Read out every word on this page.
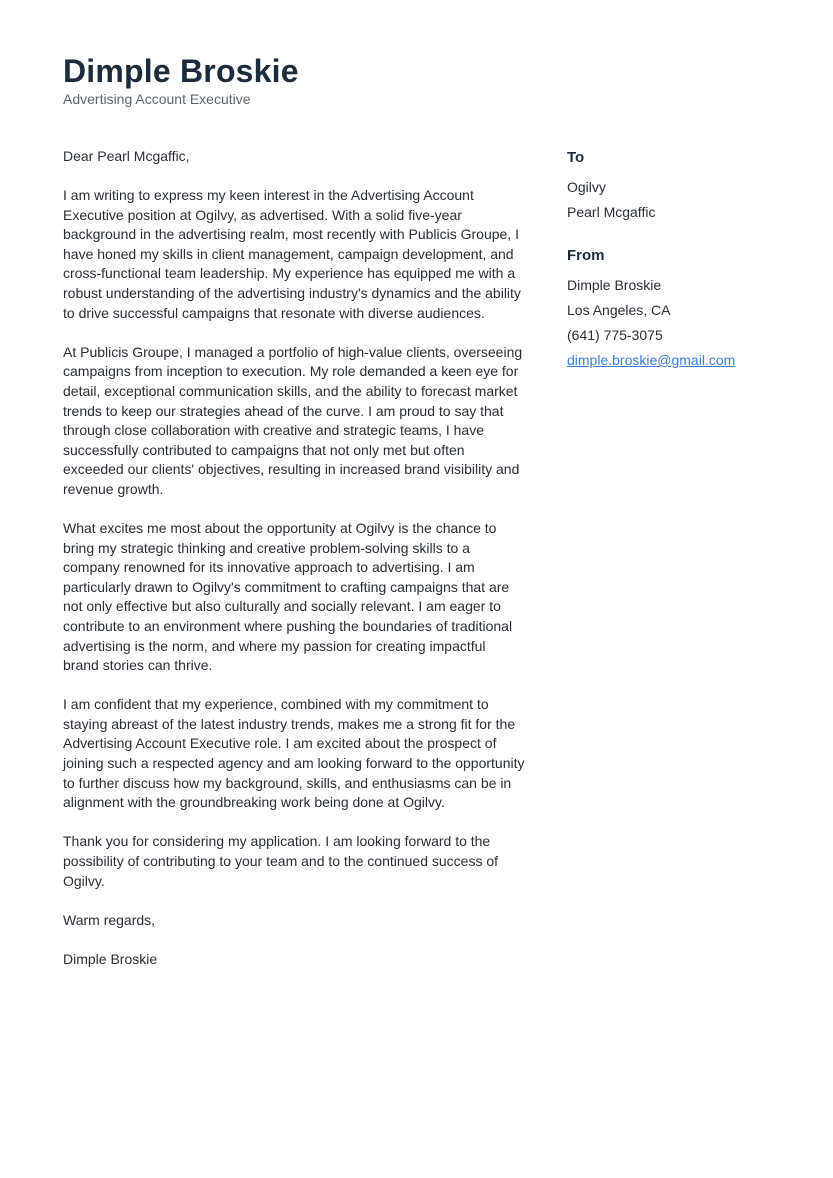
Dimple Broskie
Advertising Account Executive

Dear Pearl Mcgaffic,

I am writing to express my keen interest in the Advertising Account Executive position at Ogilvy, as advertised. With a solid five-year background in the advertising realm, most recently with Publicis Groupe, I have honed my skills in client management, campaign development, and cross-functional team leadership. My experience has equipped me with a robust understanding of the advertising industry's dynamics and the ability to drive successful campaigns that resonate with diverse audiences.

At Publicis Groupe, I managed a portfolio of high-value clients, overseeing campaigns from inception to execution. My role demanded a keen eye for detail, exceptional communication skills, and the ability to forecast market trends to keep our strategies ahead of the curve. I am proud to say that through close collaboration with creative and strategic teams, I have successfully contributed to campaigns that not only met but often exceeded our clients' objectives, resulting in increased brand visibility and revenue growth.

What excites me most about the opportunity at Ogilvy is the chance to bring my strategic thinking and creative problem-solving skills to a company renowned for its innovative approach to advertising. I am particularly drawn to Ogilvy's commitment to crafting campaigns that are not only effective but also culturally and socially relevant. I am eager to contribute to an environment where pushing the boundaries of traditional advertising is the norm, and where my passion for creating impactful brand stories can thrive.

I am confident that my experience, combined with my commitment to staying abreast of the latest industry trends, makes me a strong fit for the Advertising Account Executive role. I am excited about the prospect of joining such a respected agency and am looking forward to the opportunity to further discuss how my background, skills, and enthusiasms can be in alignment with the groundbreaking work being done at Ogilvy.

Thank you for considering my application. I am looking forward to the possibility of contributing to your team and to the continued success of Ogilvy.

Warm regards,

Dimple Broskie

To
Ogilvy
Pearl Mcgaffic
From
Dimple Broskie
Los Angeles, CA
(641) 775-3075
dimple.broskie@gmail.com
